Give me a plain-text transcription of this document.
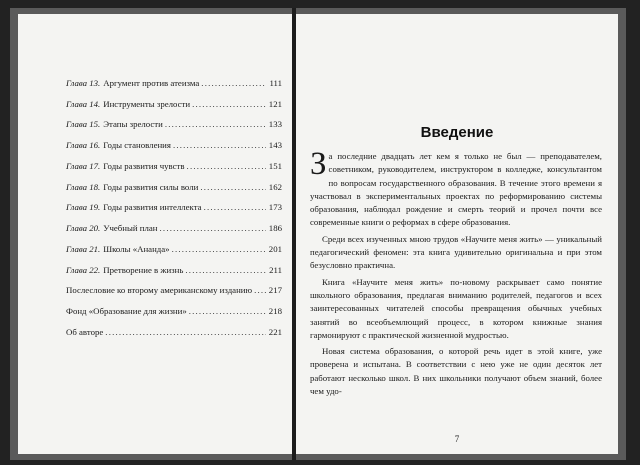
Глава 13. Аргумент против атеизма .....	111
Глава 14. Инструменты зрелости .....	121
Глава 15. Этапы зрелости .....	133
Глава 16. Годы становления .....	143
Глава 17. Годы развития чувств .....	151
Глава 18. Годы развития силы воли .....	162
Глава 19. Годы развития интеллекта .....	173
Глава 20. Учебный план .....	186
Глава 21. Школы «Ананда» .....	201
Глава 22. Претворение в жизнь .....	211
Послесловие ко второму американскому изданию ..... 217
Фонд «Образование для жизни» .....	218
Об авторе .....	221
Введение

За последние двадцать лет кем я только не был — преподавателем, советником, руководителем, инструктором в колледже, консультантом по вопросам государственного образования. В течение этого времени я участвовал в экспериментальных проектах по реформированию системы образования, наблюдал рождение и смерть теорий и прочел почти все современные книги о реформах в сфере образования.

Среди всех изученных мною трудов «Научите меня жить» — уникальный педагогический феномен: эта книга удивительно оригинальна и при этом безусловно практична.

Книга «Научите меня жить» по-новому раскрывает само понятие школьного образования, предлагая вниманию родителей, педагогов и всех заинтересованных читателей способы превращения обычных учебных занятий во всеобъемлющий процесс, в котором книжные знания гармонируют с практической жизненной мудростью.

Новая система образования, о которой речь идет в этой книге, уже проверена и испытана. В соответствии с нею уже не один десяток лет работают несколько школ. В них школьники получают объем знаний, более чем удо-

7
